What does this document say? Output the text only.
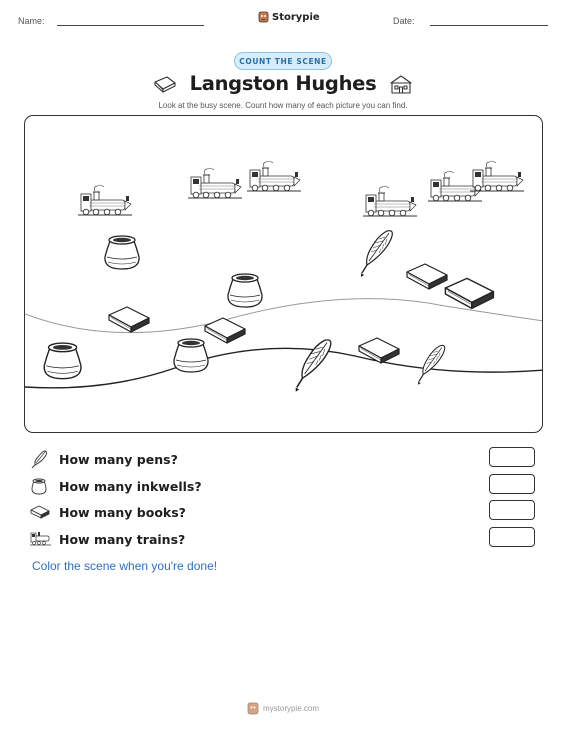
Name:	Storypie	Date:
COUNT THE SCENE
Langston Hughes
Look at the busy scene. Count how many of each picture you can find.
How many pens?
How many inkwells?
How many books?
How many trains?
Color the scene when you're done!
mystorypie.com
